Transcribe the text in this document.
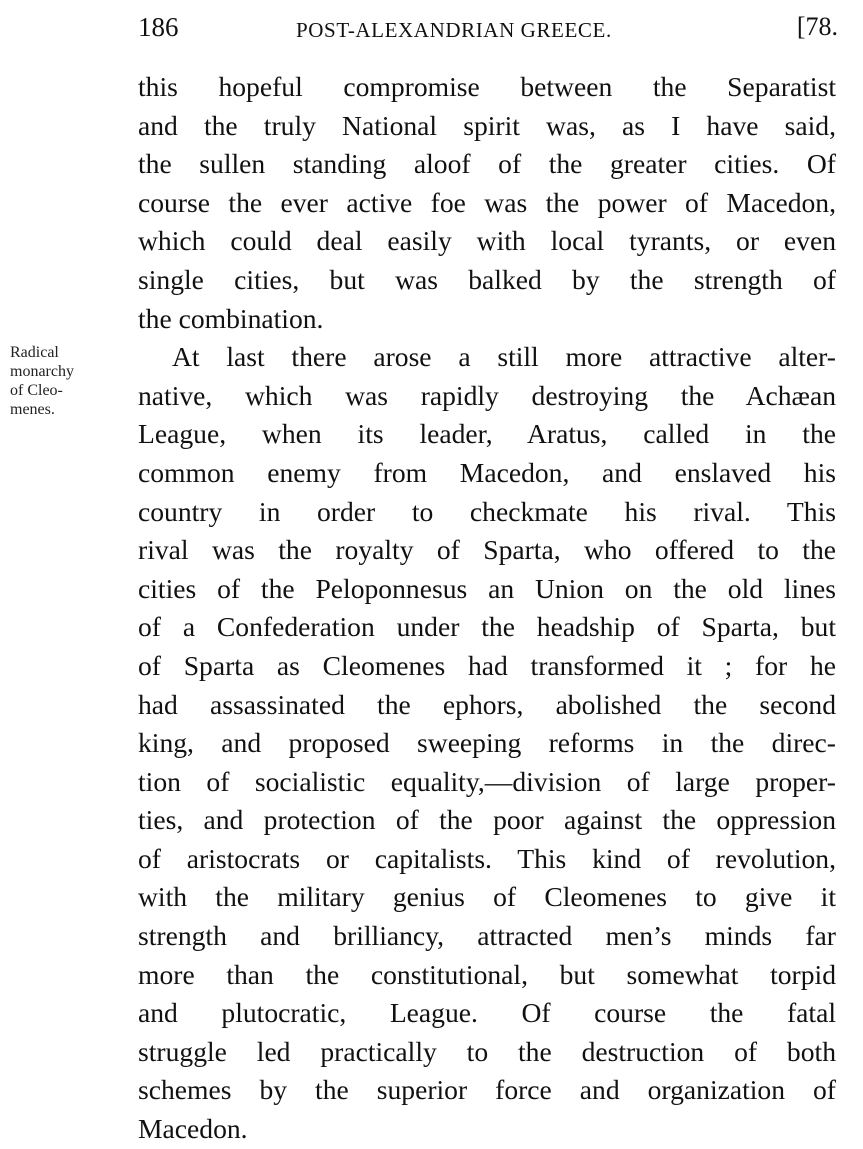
186	POST-ALEXANDRIAN GREECE.	[78.
Radical
monarchy
of Cleo-
menes.
this hopeful compromise between the Separatist
and the truly National spirit was, as I have said,
the sullen standing aloof of the greater cities. Of
course the ever active foe was the power of Macedon,
which could deal easily with local tyrants, or even
single cities, but was balked by the strength of
the combination.
At last there arose a still more attractive alter-
native, which was rapidly destroying the Achæan
League, when its leader, Aratus, called in the
common enemy from Macedon, and enslaved his
country in order to checkmate his rival. This
rival was the royalty of Sparta, who offered to the
cities of the Peloponnesus an Union on the old lines
of a Confederation under the headship of Sparta, but
of Sparta as Cleomenes had transformed it ; for he
had assassinated the ephors, abolished the second
king, and proposed sweeping reforms in the direc-
tion of socialistic equality,—division of large proper-
ties, and protection of the poor against the oppression
of aristocrats or capitalists. This kind of revolution,
with the military genius of Cleomenes to give it
strength and brilliancy, attracted men’s minds far
more than the constitutional, but somewhat torpid
and plutocratic, League. Of course the fatal
struggle led practically to the destruction of both
schemes by the superior force and organization of
Macedon.
